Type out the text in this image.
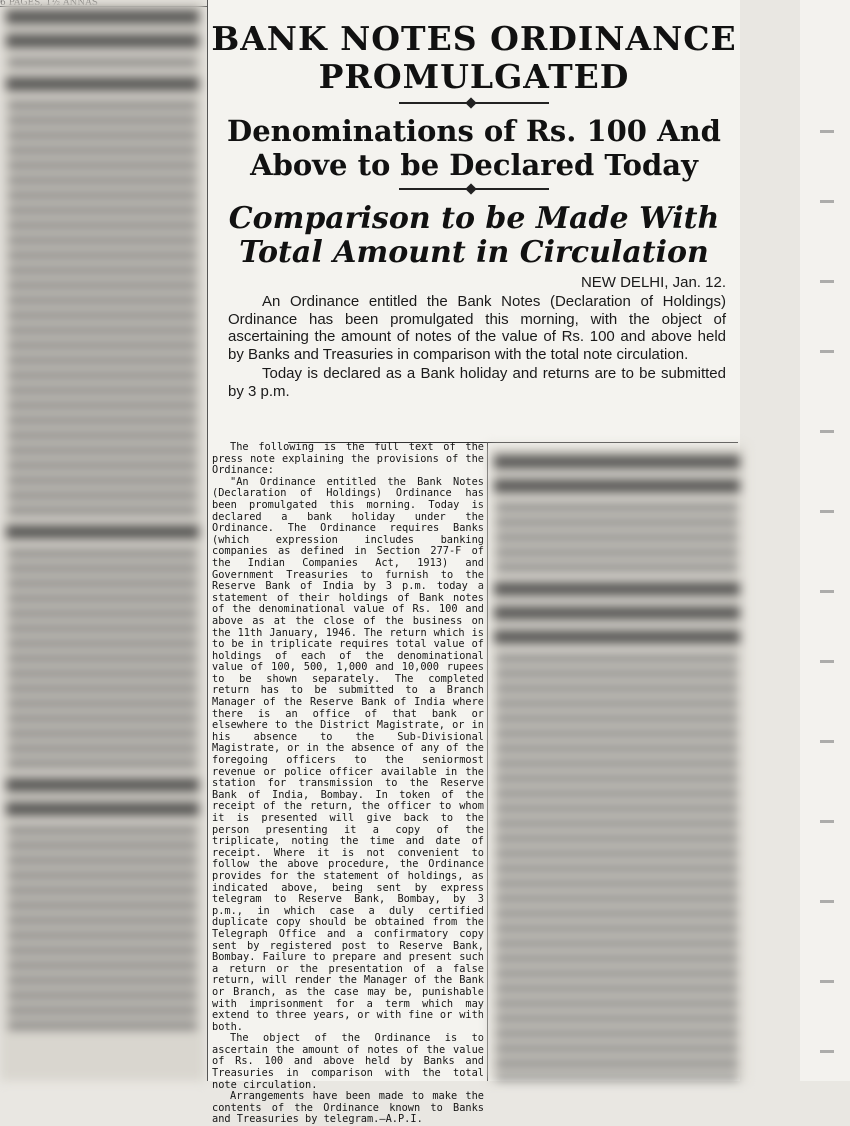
BANK NOTES ORDINANCE
PROMULGATED
Denominations of Rs. 100 And
Above to be Declared Today
Comparison to be Made With
Total Amount in Circulation
NEW DELHI, Jan. 12.

An Ordinance entitled the Bank Notes (Declaration of Holdings) Ordinance has been promulgated this morning, with the object of ascertaining the amount of notes of the value of Rs. 100 and above held by Banks and Treasuries in comparison with the total note circulation.

Today is declared as a Bank holiday and returns are to be submitted by 3 p.m.

The following is the full text of the press note explaining the provisions of the Ordinance:

"An Ordinance entitled the Bank Notes (Declaration of Holdings) Ordinance has been promulgated this morning. Today is declared a bank holiday under the Ordinance. The Ordinance requires Banks (which expression includes banking companies as defined in Section 277-F of the Indian Companies Act, 1913) and Government Treasuries to furnish to the Reserve Bank of India by 3 p.m. today a statement of their holdings of Bank notes of the denominational value of Rs. 100 and above as at the close of the business on the 11th January, 1946. The return which is to be in triplicate requires total value of holdings of each of the denominational value of 100, 500, 1,000 and 10,000 rupees to be shown separately. The completed return has to be submitted to a Branch Manager of the Reserve Bank of India where there is an office of that bank or elsewhere to the District Magistrate, or in his absence to the Sub-Divisional Magistrate, or in the absence of any of the foregoing officers to the seniormost revenue or police officer available in the station for transmission to the Reserve Bank of India, Bombay. In token of the receipt of the return, the officer to whom it is presented will give back to the person presenting it a copy of the triplicate, noting the time and date of receipt. Where it is not convenient to follow the above procedure, the Ordinance provides for the statement of holdings, as indicated above, being sent by express telegram to Reserve Bank, Bombay, by 3 p.m., in which case a duly certified duplicate copy should be obtained from the Telegraph Office and a confirmatory copy sent by registered post to Reserve Bank, Bombay. Failure to prepare and present such a return or the presentation of a false return, will render the Manager of the Bank or Branch, as the case may be, punishable with imprisonment for a term which may extend to three years, or with fine or with both.

The object of the Ordinance is to ascertain the amount of notes of the value of Rs. 100 and above held by Banks and Treasuries in comparison with the total note circulation.

Arrangements have been made to make the contents of the Ordinance known to Banks and Treasuries by telegram.—A.P.I.
